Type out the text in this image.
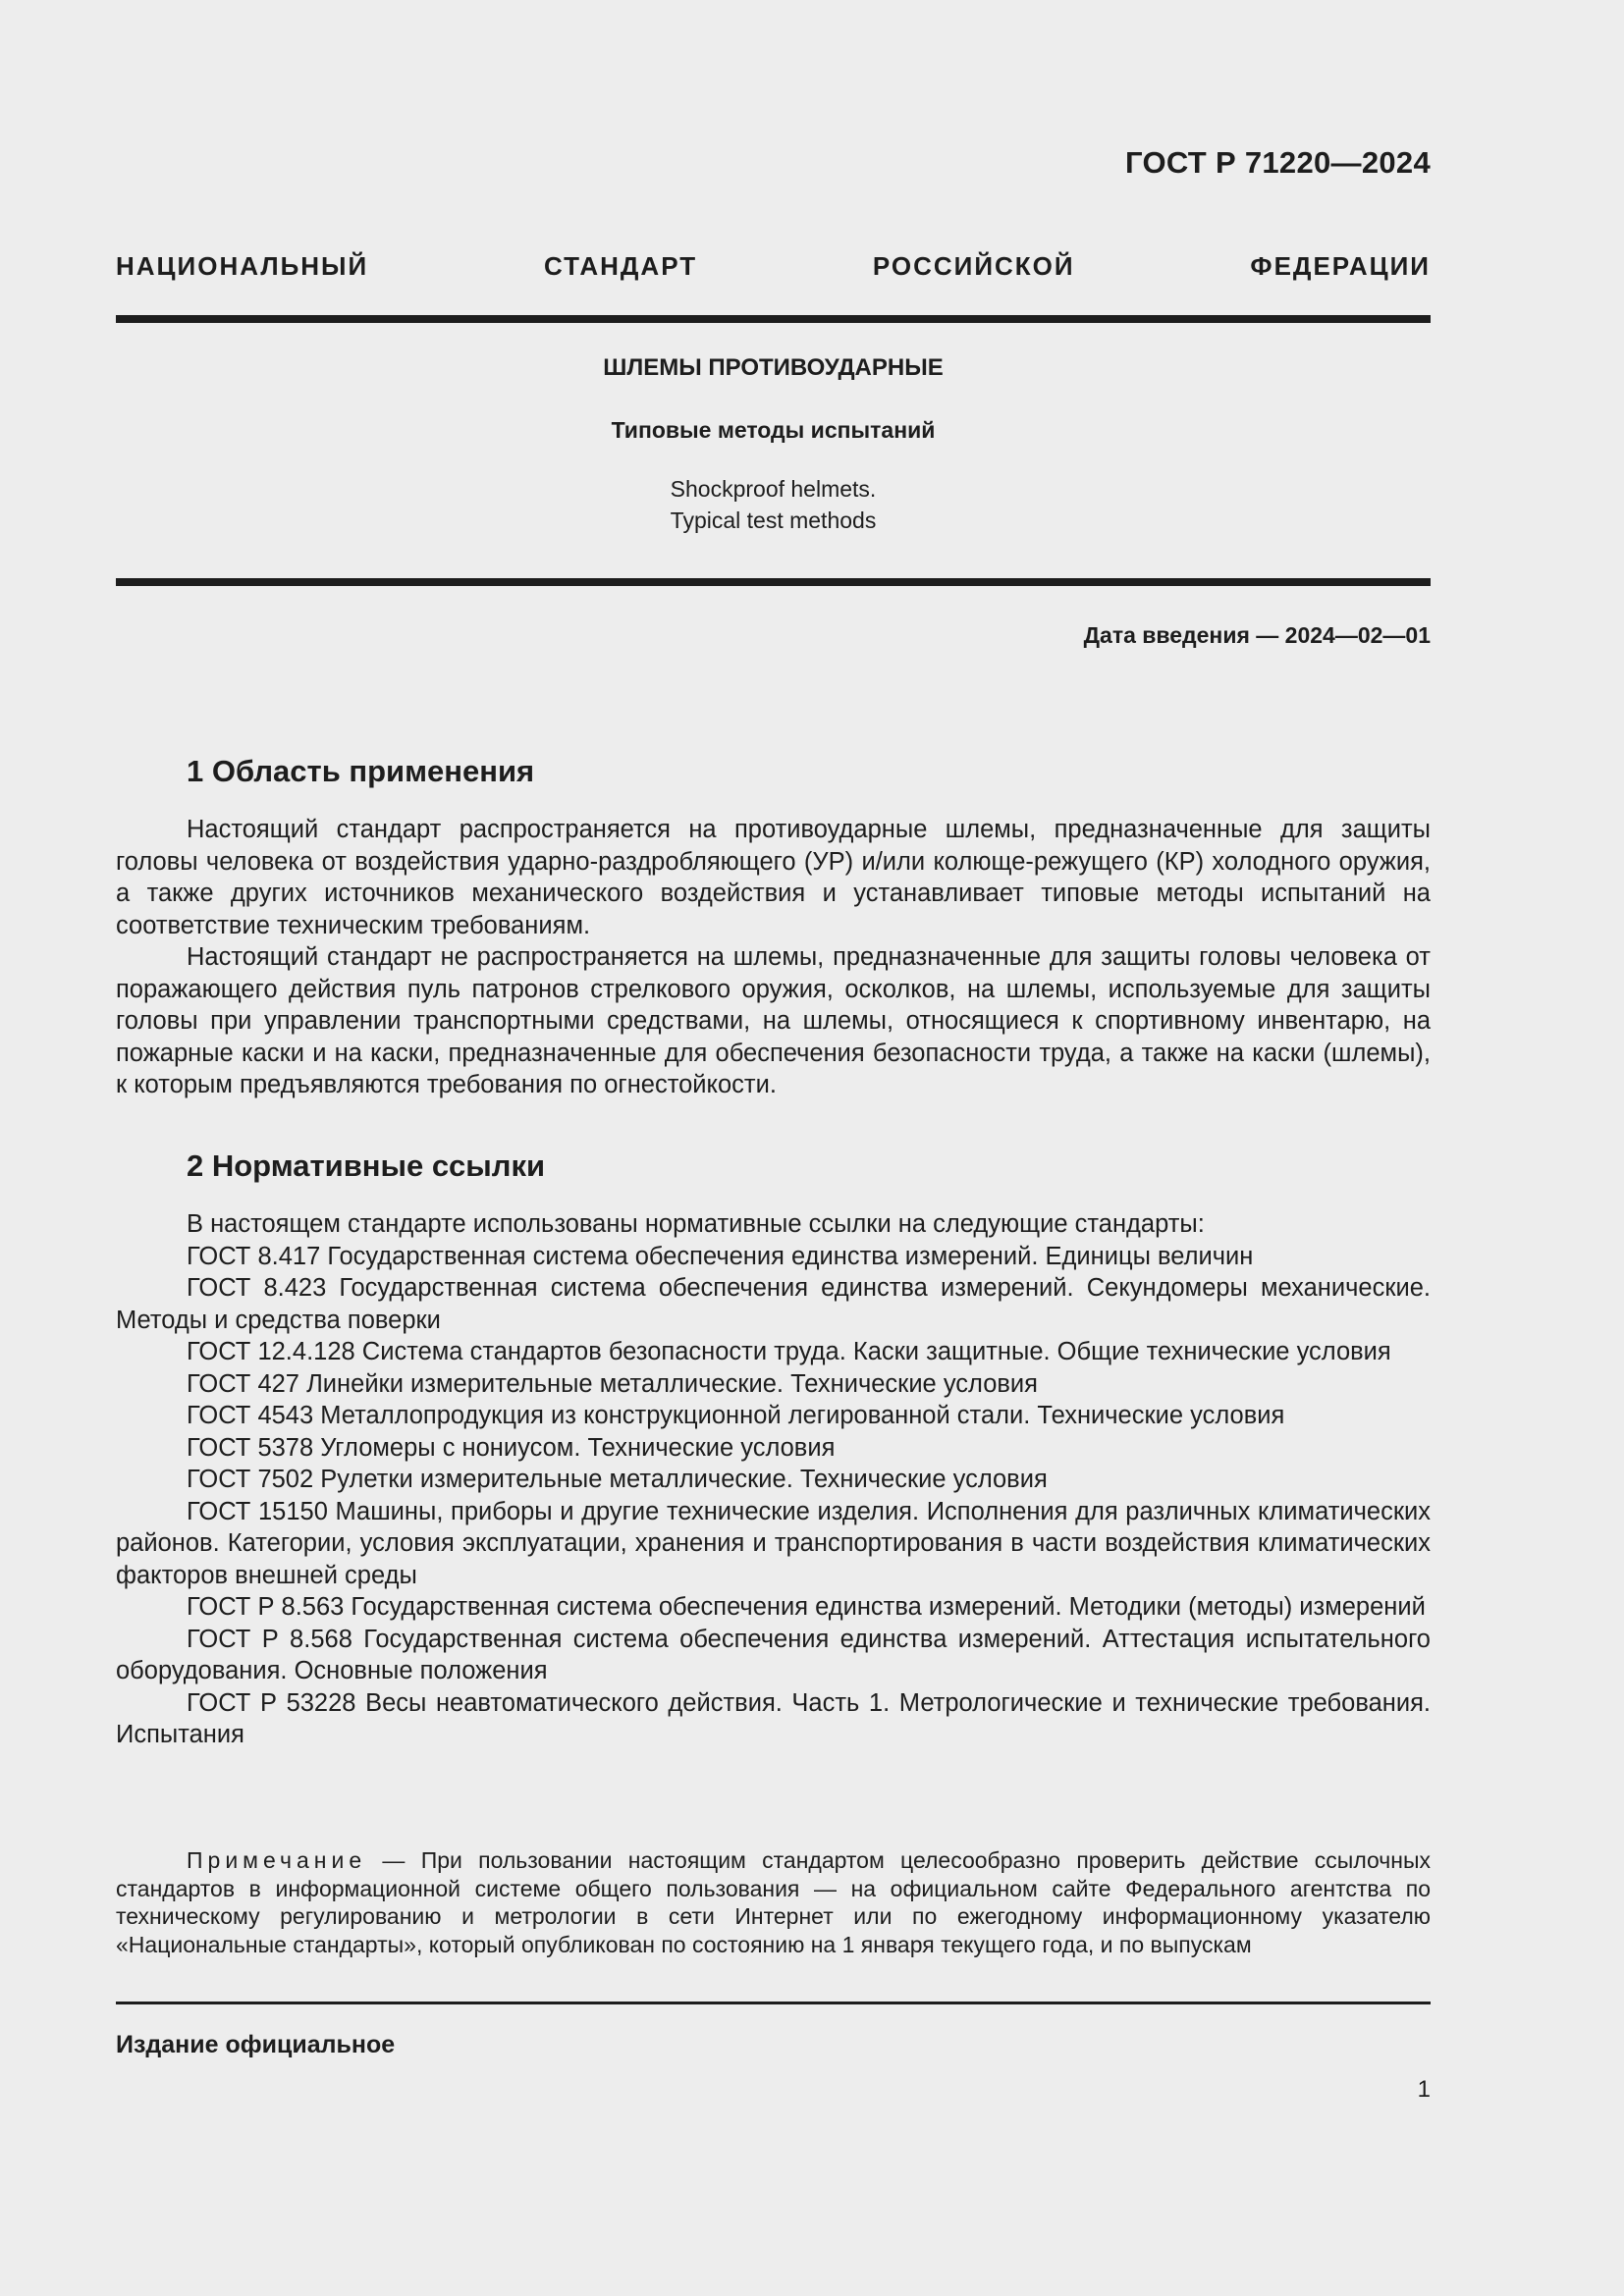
ГОСТ Р 71220—2024
НАЦИОНАЛЬНЫЙ СТАНДАРТ РОССИЙСКОЙ ФЕДЕРАЦИИ
ШЛЕМЫ ПРОТИВОУДАРНЫЕ
Типовые методы испытаний
Shockproof helmets.
Typical test methods
Дата введения — 2024—02—01
1 Область применения

Настоящий стандарт распространяется на противоударные шлемы, предназначенные для защиты головы человека от воздействия ударно-раздробляющего (УР) и/или колюще-режущего (КР) холодного оружия, а также других источников механического воздействия и устанавливает типовые методы испытаний на соответствие техническим требованиям.

Настоящий стандарт не распространяется на шлемы, предназначенные для защиты головы человека от поражающего действия пуль патронов стрелкового оружия, осколков, на шлемы, используемые для защиты головы при управлении транспортными средствами, на шлемы, относящиеся к спортивному инвентарю, на пожарные каски и на каски, предназначенные для обеспечения безопасности труда, а также на каски (шлемы), к которым предъявляются требования по огнестойкости.

2 Нормативные ссылки

В настоящем стандарте использованы нормативные ссылки на следующие стандарты:

ГОСТ 8.417 Государственная система обеспечения единства измерений. Единицы величин

ГОСТ 8.423 Государственная система обеспечения единства измерений. Секундомеры механические. Методы и средства поверки

ГОСТ 12.4.128 Система стандартов безопасности труда. Каски защитные. Общие технические условия

ГОСТ 427 Линейки измерительные металлические. Технические условия

ГОСТ 4543 Металлопродукция из конструкционной легированной стали. Технические условия

ГОСТ 5378 Угломеры с нониусом. Технические условия

ГОСТ 7502 Рулетки измерительные металлические. Технические условия

ГОСТ 15150 Машины, приборы и другие технические изделия. Исполнения для различных климатических районов. Категории, условия эксплуатации, хранения и транспортирования в части воздействия климатических факторов внешней среды

ГОСТ Р 8.563 Государственная система обеспечения единства измерений. Методики (методы) измерений

ГОСТ Р 8.568 Государственная система обеспечения единства измерений. Аттестация испытательного оборудования. Основные положения

ГОСТ Р 53228 Весы неавтоматического действия. Часть 1. Метрологические и технические требования. Испытания

Примечание — При пользовании настоящим стандартом целесообразно проверить действие ссылочных стандартов в информационной системе общего пользования — на официальном сайте Федерального агентства по техническому регулированию и метрологии в сети Интернет или по ежегодному информационному указателю «Национальные стандарты», который опубликован по состоянию на 1 января текущего года, и по выпускам
Издание официальное
1
